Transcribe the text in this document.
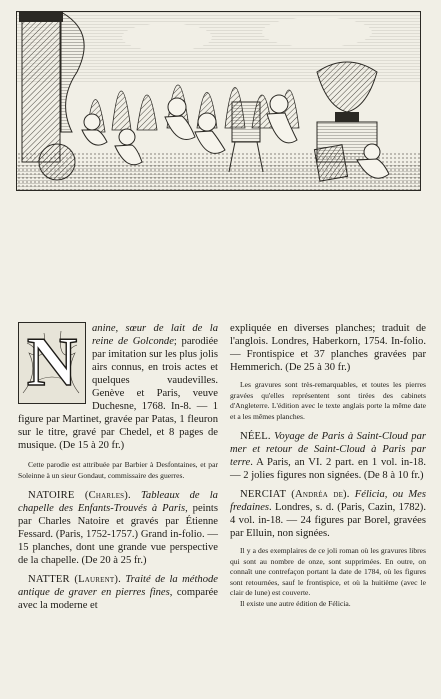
N	anine, sœur de lait de la reine de Golconde; parodiée par imitation sur les plus jolis airs connus, en trois actes et quelques vaudevilles. Genève et Paris, veuve Duchesne, 1768. In-8. — 1 figure par Martinet, gravée par Patas, 1 fleuron sur le titre, gravé par Chedel, et 8 pages de musique. (De 15 à 20 fr.)

Cette parodie est attribuée par Barbier à Desfontaines, et par Soleinne à un sieur Gondaut, commissaire des guerres.

NATOIRE (Charles). Tableaux de la chapelle des Enfants-Trouvés à Paris, peints par Charles Natoire et gravés par Étienne Fessard. (Paris, 1752-1757.) Grand in-folio. — 15 planches, dont une grande vue perspective de la chapelle. (De 20 à 25 fr.)

NATTER (Laurent). Traité de la méthode antique de graver en pierres fines, comparée avec la moderne et

expliquée en diverses planches; traduit de l'anglois. Londres, Haberkorn, 1754. In-folio. — Frontispice et 37 planches gravées par Hemmerich. (De 25 à 30 fr.)

Les gravures sont très-remarquables, et toutes les pierres gravées qu'elles représentent sont tirées des cabinets d'Angleterre. L'édition avec le texte anglais porte la même date et a les mêmes planches.

NÉEL. Voyage de Paris à Saint-Cloud par mer et retour de Saint-Cloud à Paris par terre. A Paris, an VI. 2 part. en 1 vol. in-18. — 2 jolies figures non signées. (De 8 à 10 fr.)

NERCIAT (Andréa de). Félicia, ou Mes fredaines. Londres, s. d. (Paris, Cazin, 1782). 4 vol. in-18. — 24 figures par Borel, gravées par Elluin, non signées.

Il y a des exemplaires de ce joli roman où les gravures libres qui sont au nombre de onze, sont supprimées. En outre, on connaît une contrefaçon portant la date de 1784, où les figures sont retournées, sauf le frontispice, et où la huitième (avec le clair de lune) est couverte.

Il existe une autre édition de Félicia.
